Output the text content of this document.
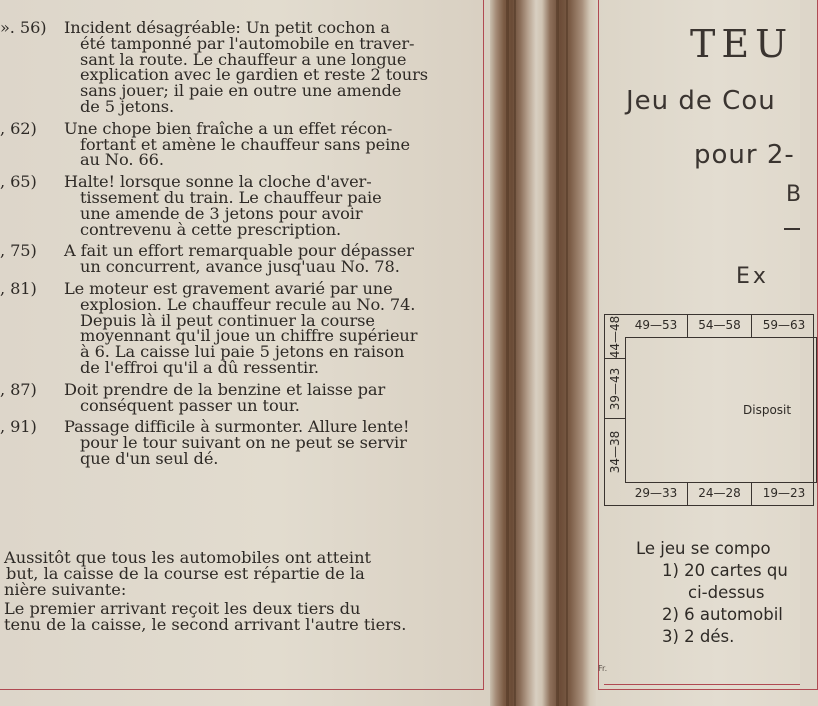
». 56)	Incident désagréable: Un petit cochon a
été tamponné par l'automobile en traver-
sant la route. Le chauffeur a une longue
explication avec le gardien et reste 2 tours
sans jouer; il paie en outre une amende
de 5 jetons.
, 62)	Une chope bien fraîche a un effet récon-
fortant et amène le chauffeur sans peine
au No. 66.
, 65)	Halte! lorsque sonne la cloche d'aver-
tissement du train. Le chauffeur paie
une amende de 3 jetons pour avoir
contrevenu à cette prescription.
, 75)	A fait un effort remarquable pour dépasser
un concurrent, avance jusq'uau No. 78.
, 81)	Le moteur est gravement avarié par une
explosion. Le chauffeur recule au No. 74.
Depuis là il peut continuer la course
moyennant qu'il joue un chiffre supérieur
à 6. La caisse lui paie 5 jetons en raison
de l'effroi qu'il a dû ressentir.
, 87)	Doit prendre de la benzine et laisse par
conséquent passer un tour.
, 91)	Passage difficile à surmonter. Allure lente!
pour le tour suivant on ne peut se servir
que d'un seul dé.
Aussitôt que tous les automobiles ont atteint
but, la caisse de la course est répartie de la
nière suivante:
Le premier arrivant reçoit les deux tiers du
tenu de la caisse, le second arrivant l'autre tiers.
TEU
Jeu de Cou
pour 2-
B
Ex
49—53	54—58	59—63
44—48
39—43
34—38
Disposit
29—33	24—28	19—23
Le jeu se compo
1) 20 cartes qu
ci-dessus
2) 6 automobil
3) 2 dés.
Fr.
